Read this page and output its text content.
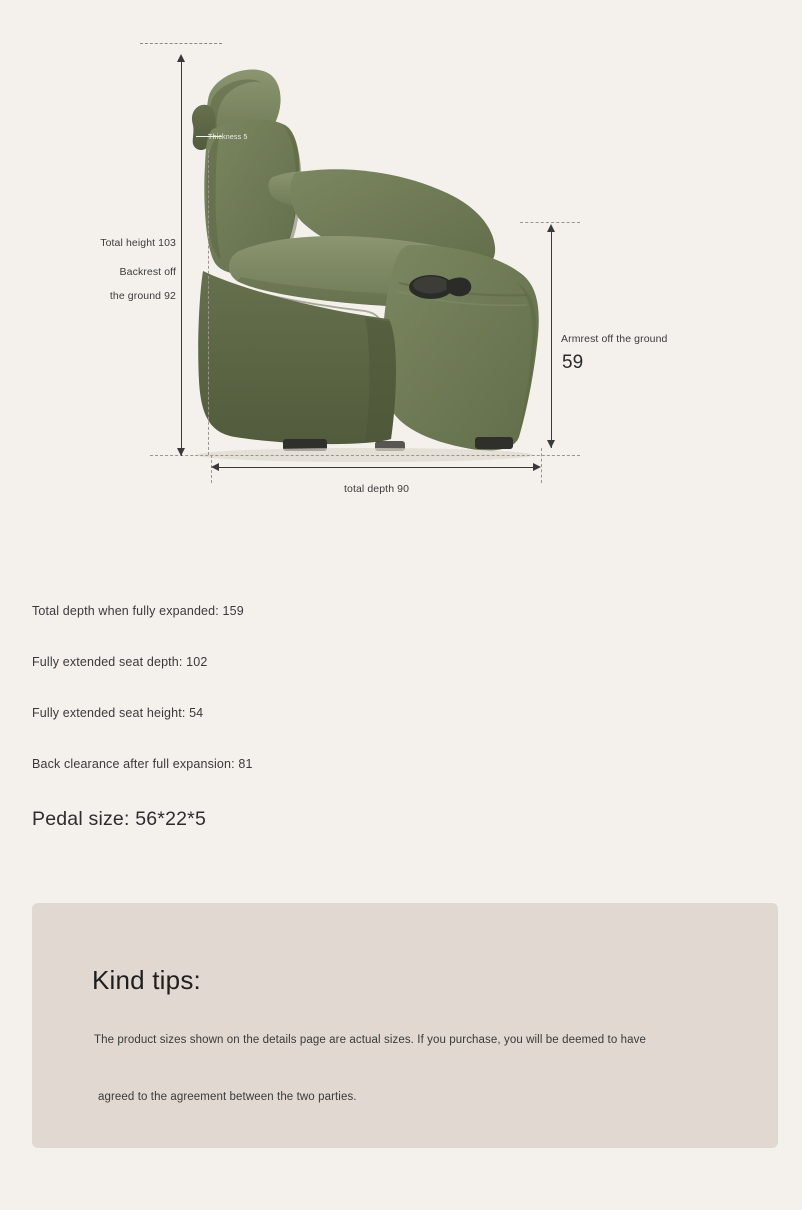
Total height 103
Backrest off
the ground 92
Thickness 5
Armrest off the ground
59
total depth 90
Total depth when fully expanded: 159
Fully extended seat depth: 102
Fully extended seat height: 54
Back clearance after full expansion: 81
Pedal size: 56*22*5
Kind tips:
The product sizes shown on the details page are actual sizes. If you purchase, you will be deemed to have
agreed to the agreement between the two parties.
